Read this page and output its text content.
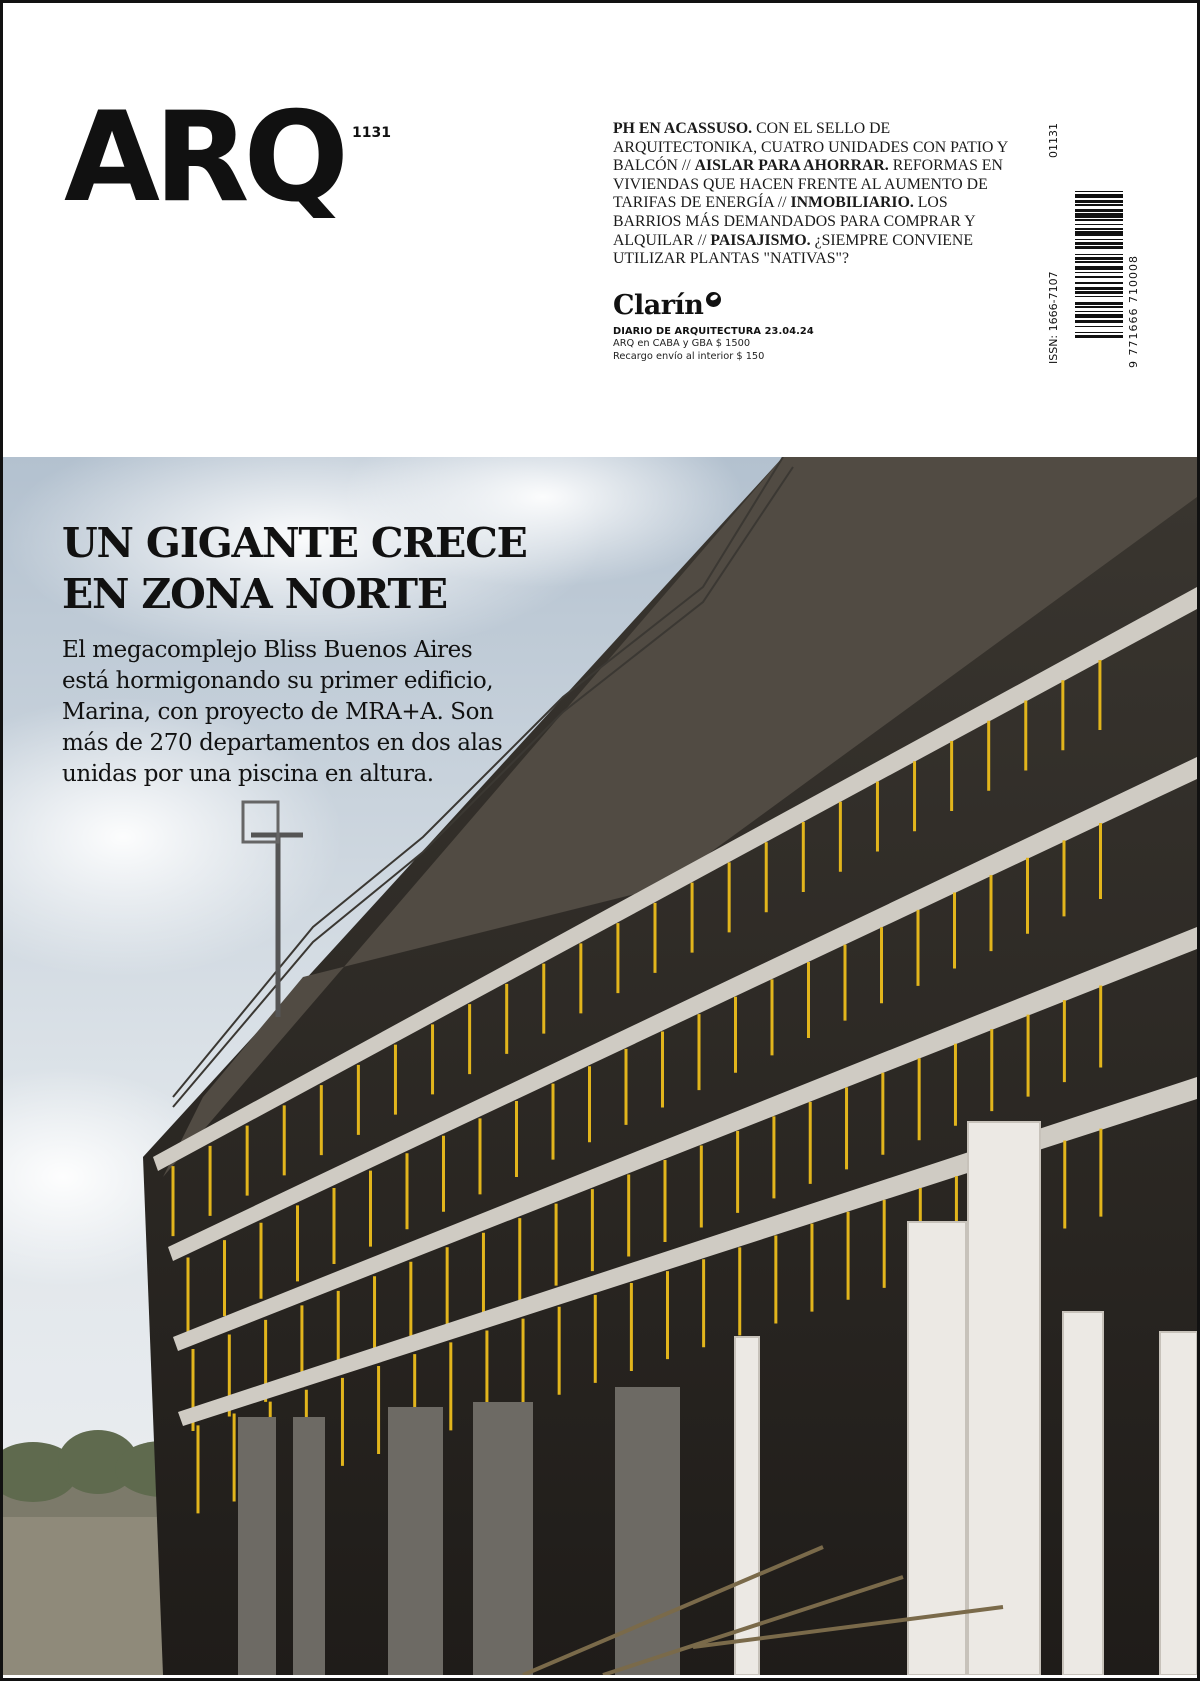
ARQ 1131	PH EN ACASSUSO. CON EL SELLO DE ARQUITECTONIKA, CUATRO UNIDADES CON PATIO Y BALCÓN // AISLAR PARA AHORRAR. REFORMAS EN VIVIENDAS QUE HACEN FRENTE AL AUMENTO DE TARIFAS DE ENERGÍA // INMOBILIARIO. LOS BARRIOS MÁS DEMANDADOS PARA COMPRAR Y ALQUILAR // PAISAJISMO. ¿SIEMPRE CONVIENE UTILIZAR PLANTAS "NATIVAS"?
Clarín
DIARIO DE ARQUITECTURA 23.04.24
ARQ en CABA y GBA $ 1500
Recargo envío al interior $ 150	ISSN: 1666-7107
01131
9 771666 710008
UN GIGANTE CRECE EN ZONA NORTE

El megacomplejo Bliss Buenos Aires está hormigonando su primer edificio, Marina, con proyecto de MRA+A. Son más de 270 departamentos en dos alas unidas por una piscina en altura.
